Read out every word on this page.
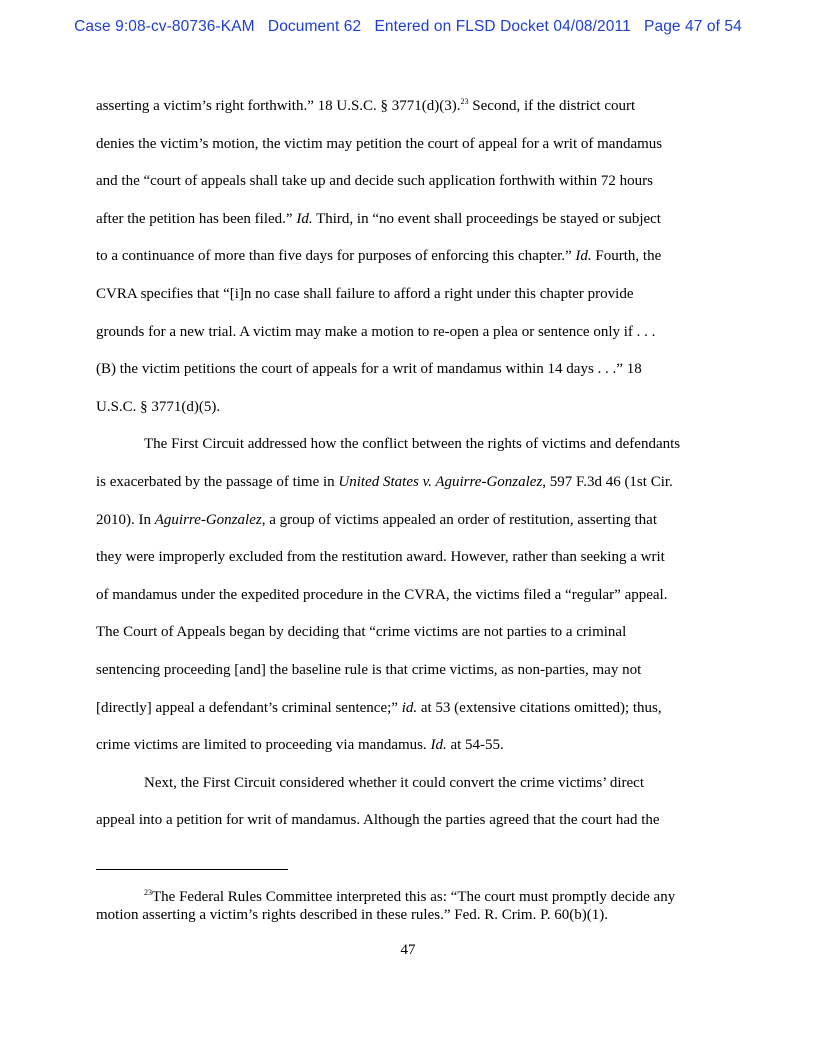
Case 9:08-cv-80736-KAM Document 62 Entered on FLSD Docket 04/08/2011 Page 47 of 54
asserting a victim’s right forthwith.” 18 U.S.C. § 3771(d)(3).$^{23}$ Second, if the district court
denies the victim’s motion, the victim may petition the court of appeal for a writ of mandamus
and the “court of appeals shall take up and decide such application forthwith within 72 hours
after the petition has been filed.” Id. Third, in “no event shall proceedings be stayed or subject
to a continuance of more than five days for purposes of enforcing this chapter.” Id. Fourth, the
CVRA specifies that “[i]n no case shall failure to afford a right under this chapter provide
grounds for a new trial. A victim may make a motion to re-open a plea or sentence only if . . .
(B) the victim petitions the court of appeals for a writ of mandamus within 14 days . . .” 18
U.S.C. § 3771(d)(5).
The First Circuit addressed how the conflict between the rights of victims and defendants
is exacerbated by the passage of time in United States v. Aguirre-Gonzalez, 597 F.3d 46 (1st Cir.
2010). In Aguirre-Gonzalez, a group of victims appealed an order of restitution, asserting that
they were improperly excluded from the restitution award. However, rather than seeking a writ
of mandamus under the expedited procedure in the CVRA, the victims filed a “regular” appeal.
The Court of Appeals began by deciding that “crime victims are not parties to a criminal
sentencing proceeding [and] the baseline rule is that crime victims, as non-parties, may not
[directly] appeal a defendant’s criminal sentence;” id. at 53 (extensive citations omitted); thus,
crime victims are limited to proceeding via mandamus. Id. at 54-55.
Next, the First Circuit considered whether it could convert the crime victims’ direct
appeal into a petition for writ of mandamus. Although the parties agreed that the court had the
$^{23}$The Federal Rules Committee interpreted this as: “The court must promptly decide any
motion asserting a victim’s rights described in these rules.” Fed. R. Crim. P. 60(b)(1).
47
